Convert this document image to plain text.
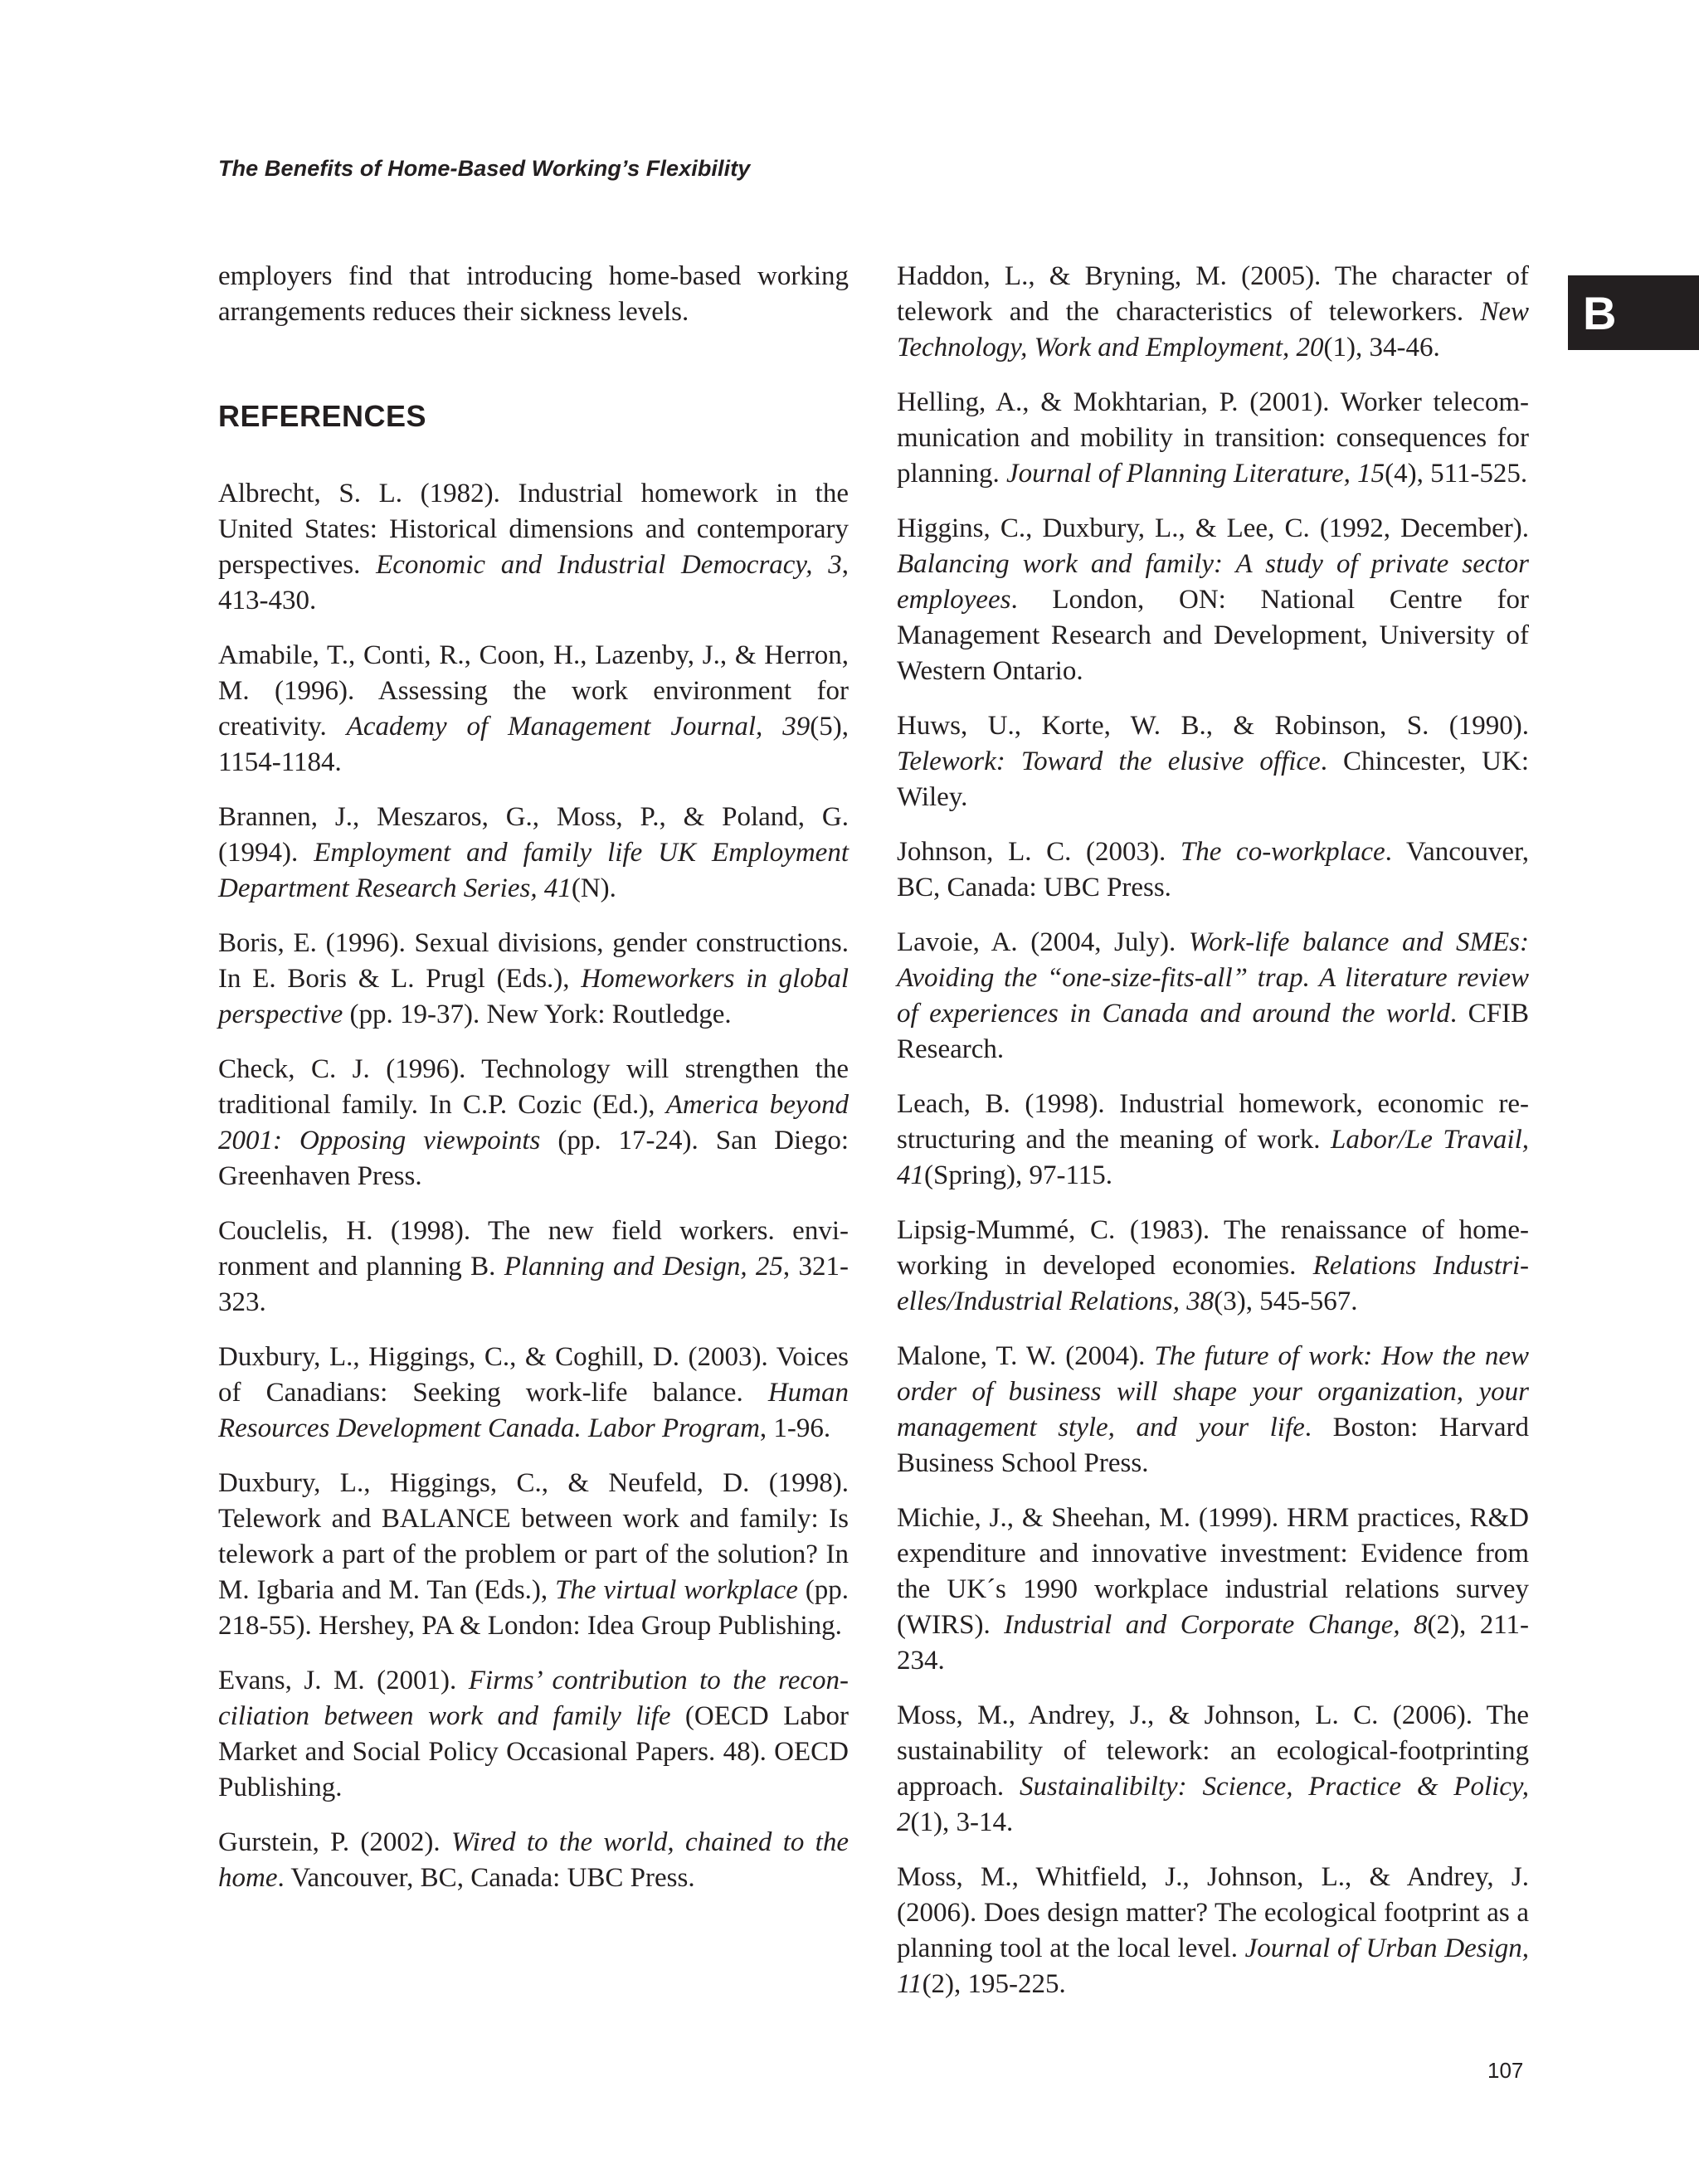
The Benefits of Home-Based Working’s Flexibility
B

employers find that introducing home-based working arrangements reduces their sickness levels.

REFERENCES

Albrecht, S. L. (1982). Industrial homework in the United States: Historical dimensions and contemporary perspectives. Economic and Industrial Democracy, 3, 413-430.

Amabile, T., Conti, R., Coon, H., Lazenby, J., & Herron, M. (1996). Assessing the work environment for creativity. Academy of Management Journal, 39(5), 1154-1184.

Brannen, J., Meszaros, G., Moss, P., & Poland, G. (1994). Employment and family life UK Employment Department Research Series, 41(N).

Boris, E. (1996). Sexual divisions, gender constructions. In E. Boris & L. Prugl (Eds.), Homeworkers in global perspective (pp. 19-37). New York: Routledge.

Check, C. J. (1996). Technology will strengthen the traditional family. In C.P. Cozic (Ed.), America beyond 2001: Opposing viewpoints (pp. 17-24). San Diego: Greenhaven Press.

Couclelis, H. (1998). The new field workers. environment and planning B. Planning and Design, 25, 321-323.

Duxbury, L., Higgings, C., & Coghill, D. (2003). Voices of Canadians: Seeking work-life balance. Human Resources Development Canada. Labor Program, 1-96.

Duxbury, L., Higgings, C., & Neufeld, D. (1998). Telework and BALANCE between work and family: Is telework a part of the problem or part of the solution? In M. Igbaria and M. Tan (Eds.), The virtual workplace (pp. 218-55). Hershey, PA & London: Idea Group Publishing.

Evans, J. M. (2001). Firms’ contribution to the reconciliation between work and family life (OECD Labor Market and Social Policy Occasional Papers. 48). OECD Publishing.

Gurstein, P. (2002). Wired to the world, chained to the home. Vancouver, BC, Canada: UBC Press.

Haddon, L., & Bryning, M. (2005). The character of telework and the characteristics of teleworkers. New Technology, Work and Employment, 20(1), 34-46.

Helling, A., & Mokhtarian, P. (2001). Worker telecommunication and mobility in transition: consequences for planning. Journal of Planning Literature, 15(4), 511-525.

Higgins, C., Duxbury, L., & Lee, C. (1992, December). Balancing work and family: A study of private sector employees. London, ON: National Centre for Management Research and Development, University of Western Ontario.

Huws, U., Korte, W. B., & Robinson, S. (1990). Telework: Toward the elusive office. Chincester, UK: Wiley.

Johnson, L. C. (2003). The co-workplace. Vancouver, BC, Canada: UBC Press.

Lavoie, A. (2004, July). Work-life balance and SMEs: Avoiding the “one-size-fits-all” trap. A literature review of experiences in Canada and around the world. CFIB Research.

Leach, B. (1998). Industrial homework, economic restructuring and the meaning of work. Labor/Le Travail, 41(Spring), 97-115.

Lipsig-Mummé, C. (1983). The renaissance of homeworking in developed economies. Relations Industrielles/Industrial Relations, 38(3), 545-567.

Malone, T. W. (2004). The future of work: How the new order of business will shape your organization, your management style, and your life. Boston: Harvard Business School Press.

Michie, J., & Sheehan, M. (1999). HRM practices, R&D expenditure and innovative investment: Evidence from the UK´s 1990 workplace industrial relations survey (WIRS). Industrial and Corporate Change, 8(2), 211-234.

Moss, M., Andrey, J., & Johnson, L. C. (2006). The sustainability of telework: an ecological-footprinting approach. Sustainalibilty: Science, Practice & Policy, 2(1), 3-14.

Moss, M., Whitfield, J., Johnson, L., & Andrey, J. (2006). Does design matter? The ecological footprint as a planning tool at the local level. Journal of Urban Design, 11(2), 195-225.

107
